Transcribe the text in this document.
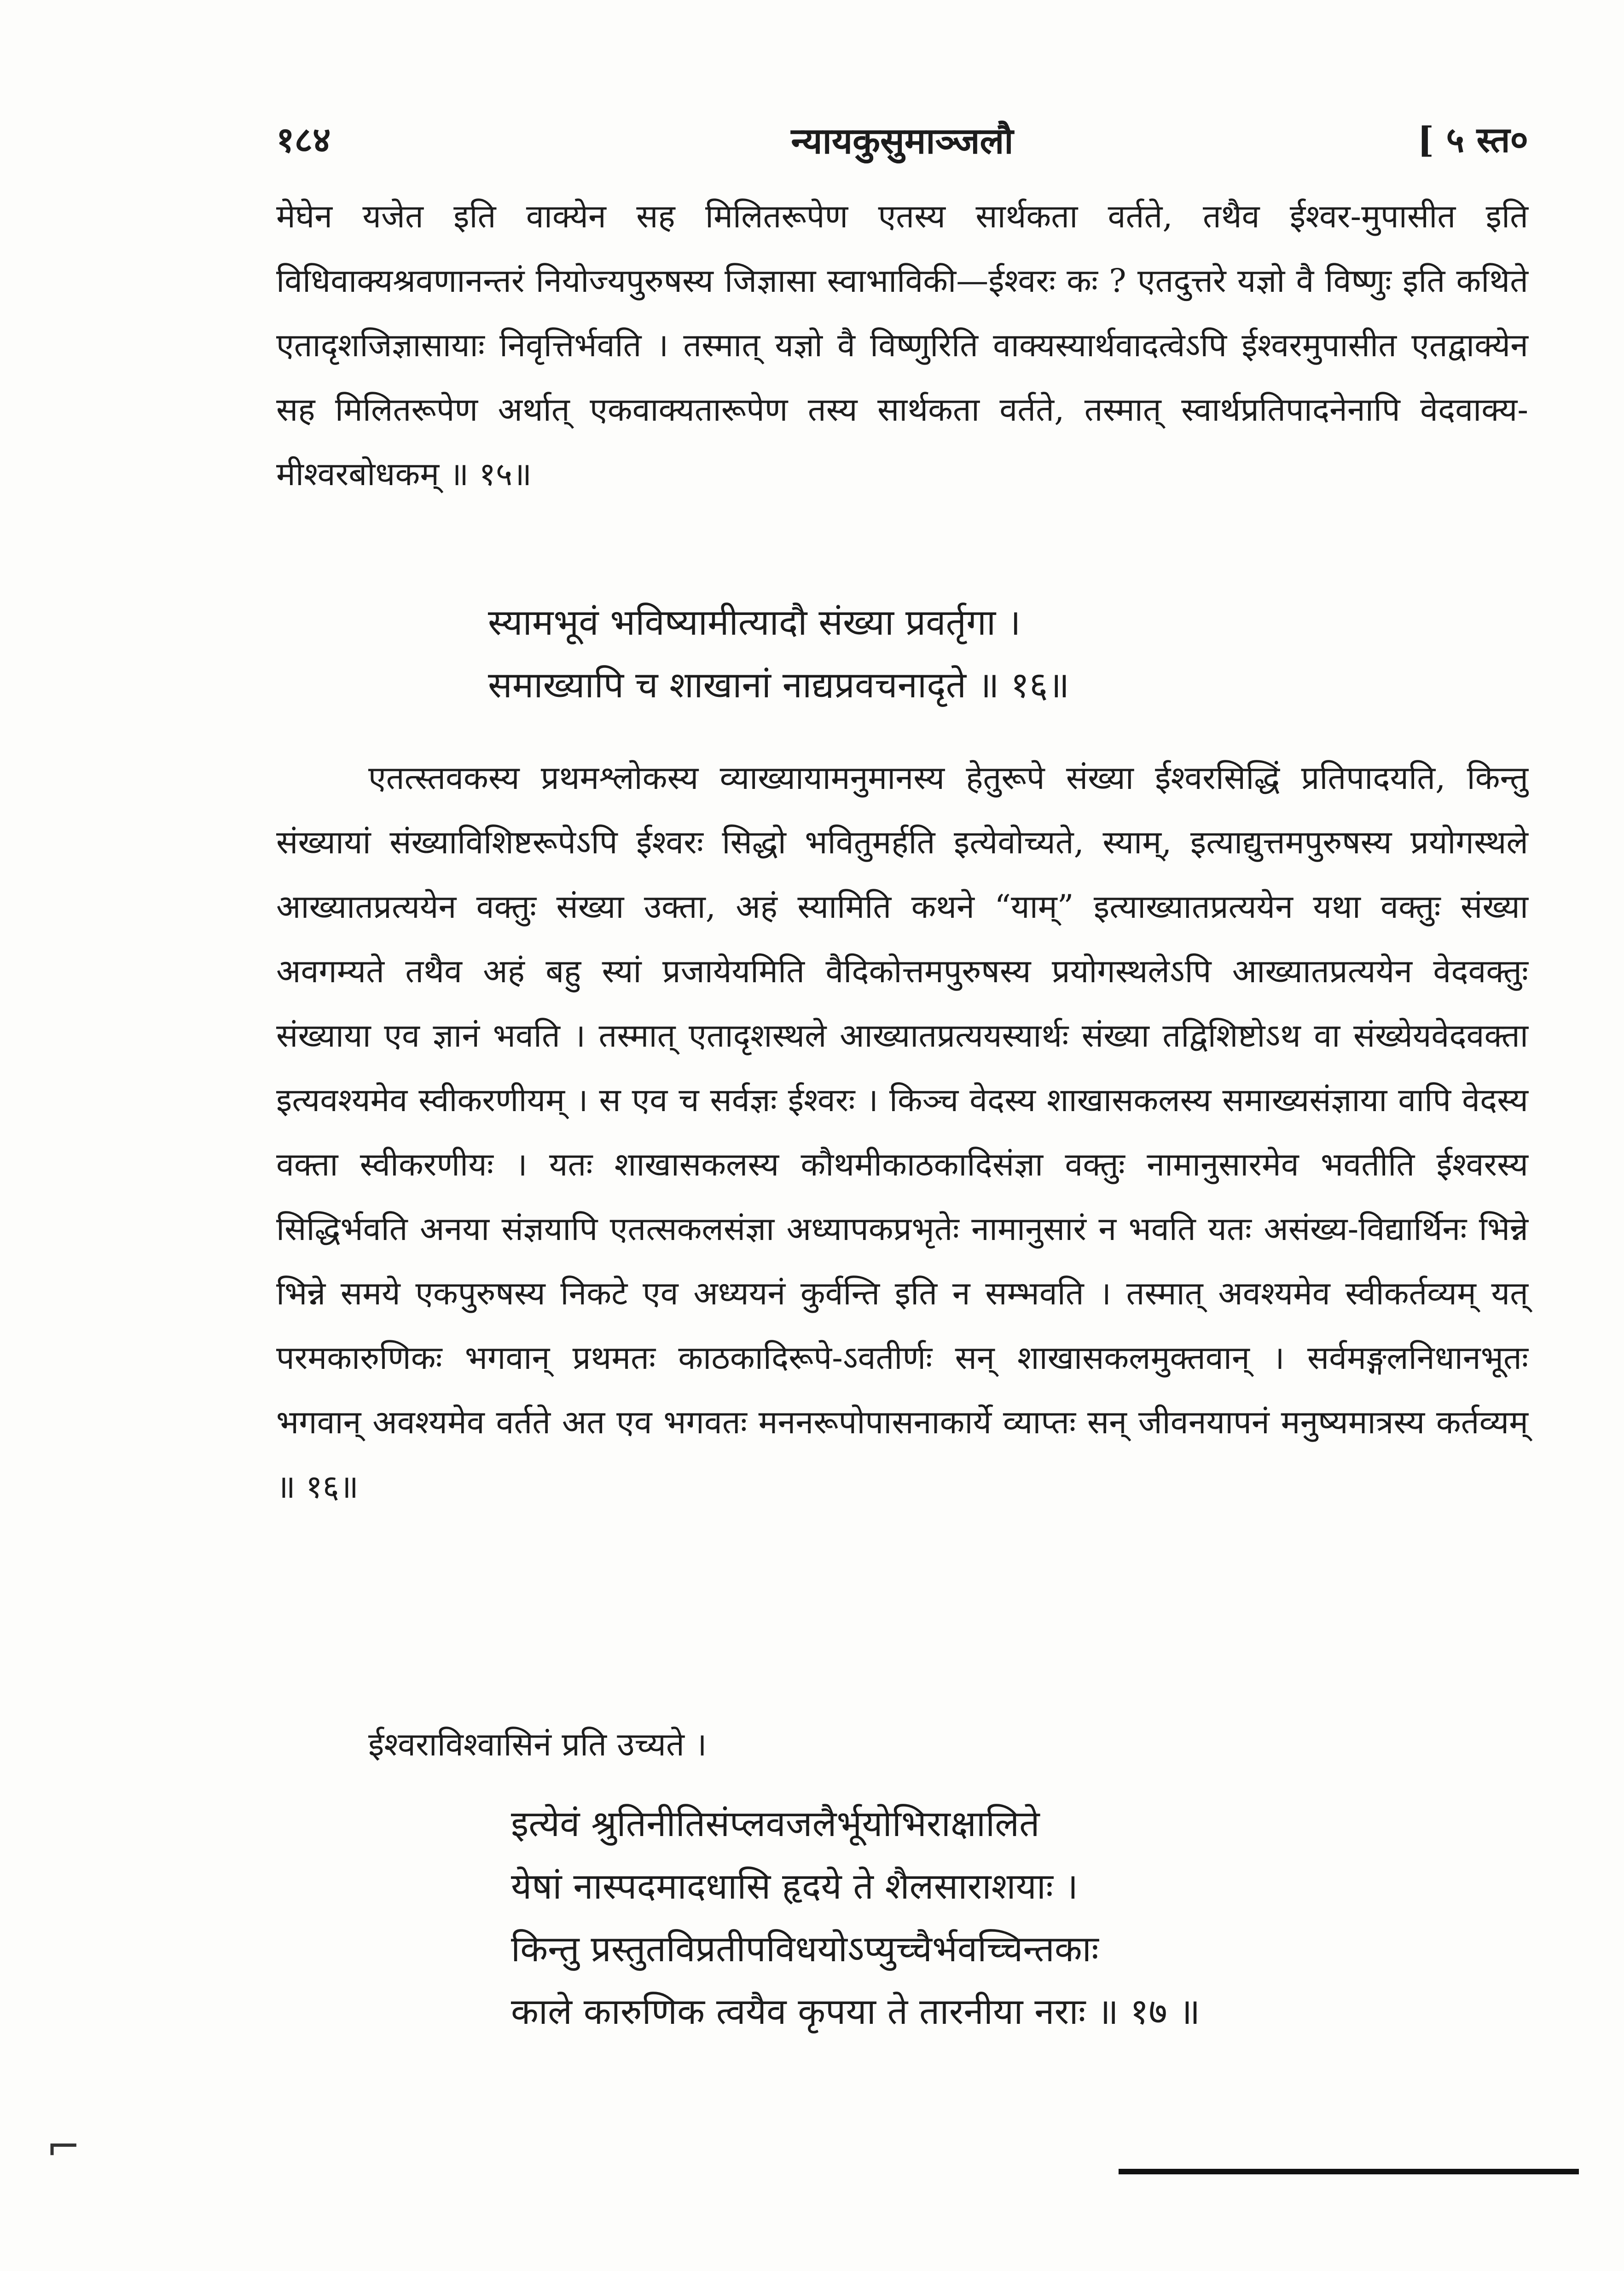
१८४	न्यायकुसुमाञ्जलौ	[ ५ स्त०

मेघेन यजेत इति वाक्येन सह मिलितरूपेण एतस्य सार्थकता वर्तते, तथैव ईश्वर-मुपासीत इति विधिवाक्यश्रवणानन्तरं नियोज्यपुरुषस्य जिज्ञासा स्वाभाविकी—ईश्वरः कः ? एतदुत्तरे यज्ञो वै विष्णुः इति कथिते एतादृशजिज्ञासायाः निवृत्तिर्भवति । तस्मात् यज्ञो वै विष्णुरिति वाक्यस्यार्थवादत्वेऽपि ईश्वरमुपासीत एतद्वाक्येन सह मिलितरूपेण अर्थात् एकवाक्यतारूपेण तस्य सार्थकता वर्तते, तस्मात् स्वार्थप्रतिपादनेनापि वेदवाक्य-मीश्वरबोधकम् ॥ १५॥

स्यामभूवं भविष्यामीत्यादौ संख्या प्रवर्तृगा ।
समाख्यापि च शाखानां नाद्यप्रवचनादृते ॥ १६॥

एतत्स्तवकस्य प्रथमश्लोकस्य व्याख्यायामनुमानस्य हेतुरूपे संख्या ईश्वरसिद्धिं प्रतिपादयति, किन्तु संख्यायां संख्याविशिष्टरूपेऽपि ईश्वरः सिद्धो भवितुमर्हति इत्येवोच्यते, स्याम्, इत्याद्युत्तमपुरुषस्य प्रयोगस्थले आख्यातप्रत्ययेन वक्तुः संख्या उक्ता, अहं स्यामिति कथने “याम्” इत्याख्यातप्रत्ययेन यथा वक्तुः संख्या अवगम्यते तथैव अहं बहु स्यां प्रजायेयमिति वैदिकोत्तमपुरुषस्य प्रयोगस्थलेऽपि आख्यातप्रत्ययेन वेदवक्तुः संख्याया एव ज्ञानं भवति । तस्मात् एतादृशस्थले आख्यातप्रत्ययस्यार्थः संख्या तद्विशिष्टोऽथ वा संख्येयवेदवक्ता इत्यवश्यमेव स्वीकरणीयम् । स एव च सर्वज्ञः ईश्वरः । किञ्च वेदस्य शाखासकलस्य समाख्यसंज्ञाया वापि वेदस्य वक्ता स्वीकरणीयः । यतः शाखासकलस्य कौथमीकाठकादिसंज्ञा वक्तुः नामानुसारमेव भवतीति ईश्वरस्य सिद्धिर्भवति अनया संज्ञयापि एतत्सकलसंज्ञा अध्यापकप्रभृतेः नामानुसारं न भवति यतः असंख्य-विद्यार्थिनः भिन्ने भिन्ने समये एकपुरुषस्य निकटे एव अध्ययनं कुर्वन्ति इति न सम्भवति । तस्मात् अवश्यमेव स्वीकर्तव्यम् यत् परमकारुणिकः भगवान् प्रथमतः काठकादिरूपे-ऽवतीर्णः सन् शाखासकलमुक्तवान् । सर्वमङ्गलनिधानभूतः भगवान् अवश्यमेव वर्तते अत एव भगवतः मननरूपोपासनाकार्ये व्याप्तः सन् जीवनयापनं मनुष्यमात्रस्य कर्तव्यम् ॥ १६॥

ईश्वराविश्वासिनं प्रति उच्यते ।

इत्येवं श्रुतिनीतिसंप्लवजलैर्भूयोभिराक्षालिते
येषां नास्पदमादधासि हृदये ते शैलसाराशयाः ।
किन्तु प्रस्तुतविप्रतीपविधयोऽप्युच्चैर्भवच्चिन्तकाः
काले कारुणिक त्वयैव कृपया ते तारनीया नराः ॥ १७ ॥
⌐
